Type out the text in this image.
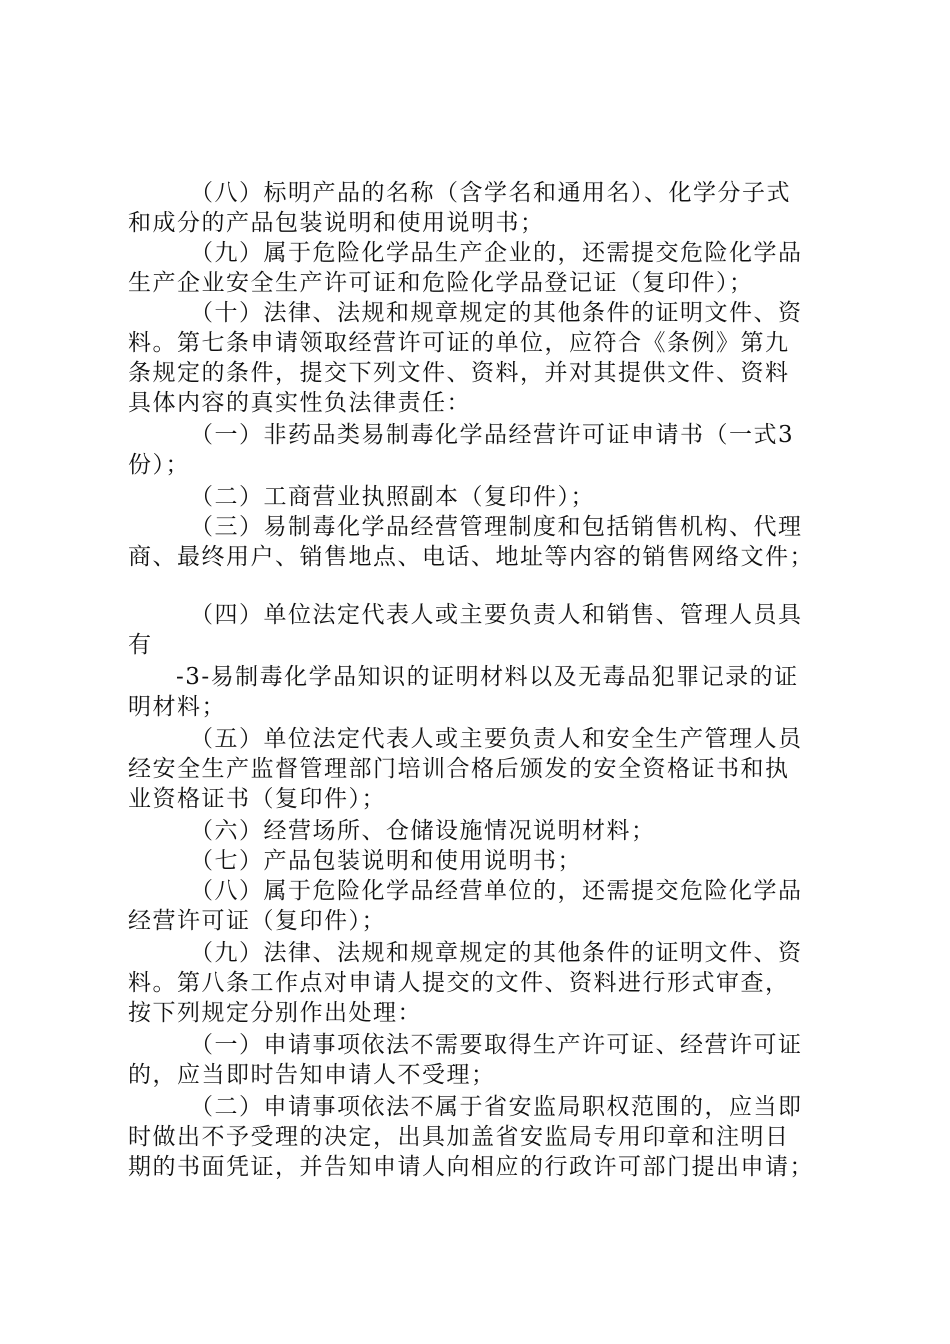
（八）标明产品的名称（含学名和通用名）、化学分子式
和成分的产品包装说明和使用说明书；
（九）属于危险化学品生产企业的，还需提交危险化学品
生产企业安全生产许可证和危险化学品登记证（复印件）；
（十）法律、法规和规章规定的其他条件的证明文件、资
料。第七条申请领取经营许可证的单位，应符合《条例》第九
条规定的条件，提交下列文件、资料，并对其提供文件、资料
具体内容的真实性负法律责任：
（一）非药品类易制毒化学品经营许可证申请书（一式3
份）；
（二）工商营业执照副本（复印件）；
（三）易制毒化学品经营管理制度和包括销售机构、代理
商、最终用户、销售地点、电话、地址等内容的销售网络文件；
（四）单位法定代表人或主要负责人和销售、管理人员具
有
-3-易制毒化学品知识的证明材料以及无毒品犯罪记录的证
明材料；
（五）单位法定代表人或主要负责人和安全生产管理人员
经安全生产监督管理部门培训合格后颁发的安全资格证书和执
业资格证书（复印件）；
（六）经营场所、仓储设施情况说明材料；
（七）产品包装说明和使用说明书；
（八）属于危险化学品经营单位的，还需提交危险化学品
经营许可证（复印件）；
（九）法律、法规和规章规定的其他条件的证明文件、资
料。第八条工作点对申请人提交的文件、资料进行形式审查，
按下列规定分别作出处理：
（一）申请事项依法不需要取得生产许可证、经营许可证
的，应当即时告知申请人不受理；
（二）申请事项依法不属于省安监局职权范围的，应当即
时做出不予受理的决定，出具加盖省安监局专用印章和注明日
期的书面凭证，并告知申请人向相应的行政许可部门提出申请；
